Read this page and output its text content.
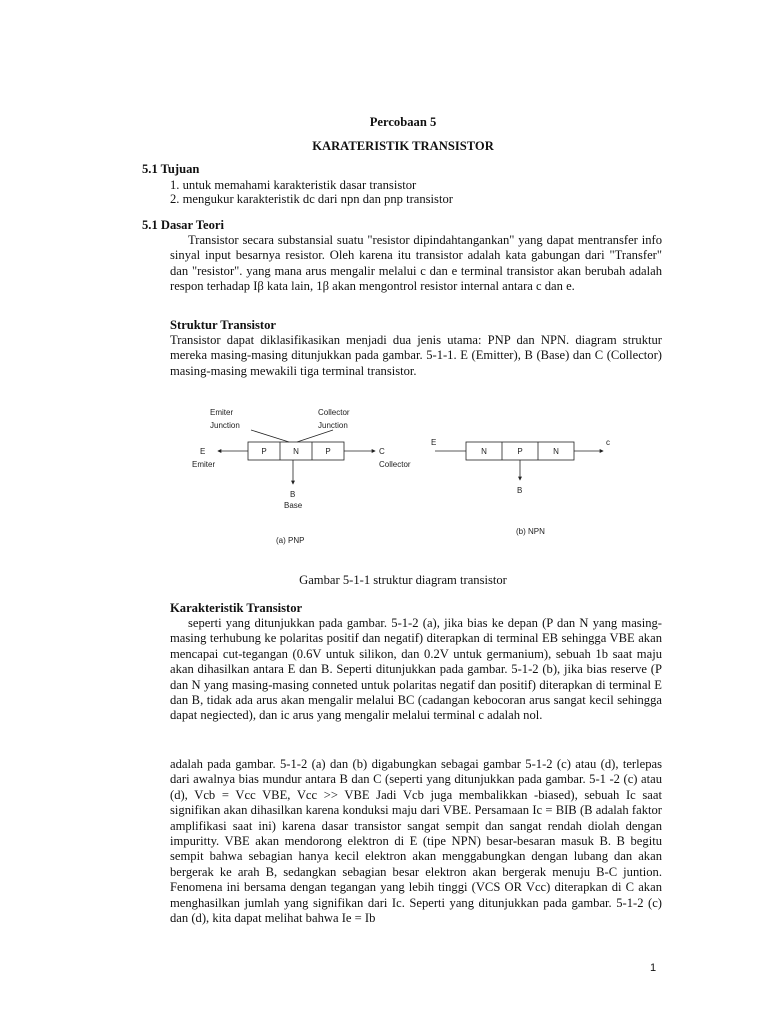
Percobaan 5
KARATERISTIK TRANSISTOR
5.1 Tujuan
1. untuk memahami karakteristik dasar transistor
2. mengukur karakteristik dc dari npn dan pnp transistor
5.1 Dasar Teori
Transistor secara substansial suatu "resistor dipindahtangankan" yang dapat mentransfer info sinyal input besarnya resistor. Oleh karena itu transistor adalah kata gabungan dari "Transfer" dan "resistor". yang mana arus mengalir melalui c dan e terminal transistor akan berubah adalah respon terhadap Iβ kata lain, 1β akan mengontrol resistor internal antara c dan e.
Struktur Transistor
Transistor dapat diklasifikasikan menjadi dua jenis utama: PNP dan NPN. diagram struktur mereka masing-masing ditunjukkan pada gambar. 5-1-1. E (Emitter), B (Base) dan C (Collector) masing-masing mewakili tiga terminal transistor.
Emiter
Junction
Collector
Junction
P	N	P
E
Emiter
C
Collector
B
Base
(a) PNP
N	P	N
E	c
B
(b) NPN
Gambar 5-1-1 struktur diagram transistor
Karakteristik Transistor
seperti yang ditunjukkan pada gambar. 5-1-2 (a), jika bias ke depan (P dan N yang masing-masing terhubung ke polaritas positif dan negatif) diterapkan di terminal EB sehingga VBE akan mencapai cut-tegangan (0.6V untuk silikon, dan 0.2V untuk germanium), sebuah 1b saat maju akan dihasilkan antara E dan B. Seperti ditunjukkan pada gambar. 5-1-2 (b), jika bias reserve (P dan N yang masing-masing conneted untuk polaritas negatif dan positif) diterapkan di terminal E dan B, tidak ada arus akan mengalir melalui BC (cadangan kebocoran arus sangat kecil sehingga dapat negiected), dan ic arus yang mengalir melalui terminal c adalah nol.
adalah pada gambar. 5-1-2 (a) dan (b) digabungkan sebagai gambar 5-1-2 (c) atau (d), terlepas dari awalnya bias mundur antara B dan C (seperti yang ditunjukkan pada gambar. 5-1 -2 (c) atau (d), Vcb = Vcc VBE, Vcc >> VBE Jadi Vcb juga membalikkan -biased), sebuah Ic saat signifikan akan dihasilkan karena konduksi maju dari VBE. Persamaan Ic = BIB (B adalah faktor amplifikasi saat ini) karena dasar transistor sangat sempit dan sangat rendah diolah dengan impuritty. VBE akan mendorong elektron di E (tipe NPN) besar-besaran masuk B. B begitu sempit bahwa sebagian hanya kecil elektron akan menggabungkan dengan lubang dan akan bergerak ke arah B, sedangkan sebagian besar elektron akan bergerak menuju B-C juntion. Fenomena ini bersama dengan tegangan yang lebih tinggi (VCS OR Vcc) diterapkan di C akan menghasilkan jumlah yang signifikan dari Ic. Seperti yang ditunjukkan pada gambar. 5-1-2 (c) dan (d), kita dapat melihat bahwa Ie = Ib
1
